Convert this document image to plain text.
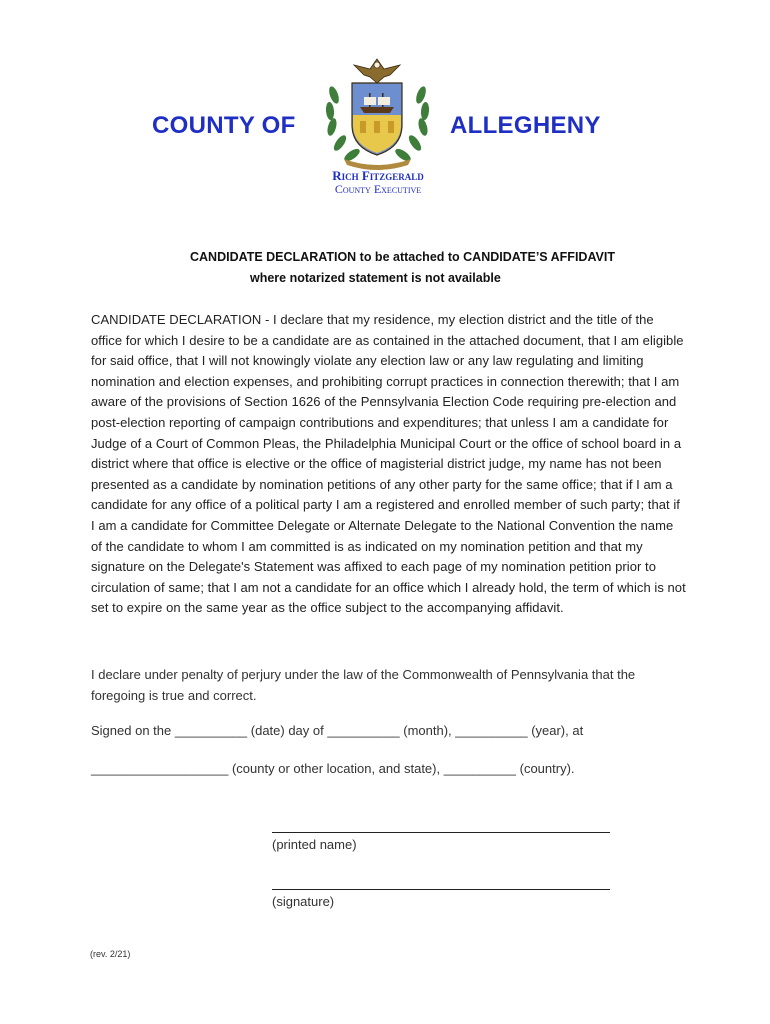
COUNTY OF	ALLEGHENY
Rich Fitzgerald
County Executive
CANDIDATE DECLARATION to be attached to CANDIDATE’S AFFIDAVIT
where notarized statement is not available
CANDIDATE DECLARATION - I declare that my residence, my election district and the title of the office for which I desire to be a candidate are as contained in the attached document, that I am eligible for said office, that I will not knowingly violate any election law or any law regulating and limiting nomination and election expenses, and prohibiting corrupt practices in connection therewith; that I am aware of the provisions of Section 1626 of the Pennsylvania Election Code requiring pre-election and post-election reporting of campaign contributions and expenditures; that unless I am a candidate for Judge of a Court of Common Pleas, the Philadelphia Municipal Court or the office of school board in a district where that office is elective or the office of magisterial district judge, my name has not been presented as a candidate by nomination petitions of any other party for the same office; that if I am a candidate for any office of a political party I am a registered and enrolled member of such party; that if I am a candidate for Committee Delegate or Alternate Delegate to the National Convention the name of the candidate to whom I am committed is as indicated on my nomination petition and that my signature on the Delegate's Statement was affixed to each page of my nomination petition prior to circulation of same; that I am not a candidate for an office which I already hold, the term of which is not set to expire on the same year as the office subject to the accompanying affidavit.
I declare under penalty of perjury under the law of the Commonwealth of Pennsylvania that the foregoing is true and correct.
Signed on the __________ (date) day of __________ (month), __________ (year), at
___________________ (county or other location, and state), __________ (country).
(printed name)
(signature)
(rev. 2/21)
